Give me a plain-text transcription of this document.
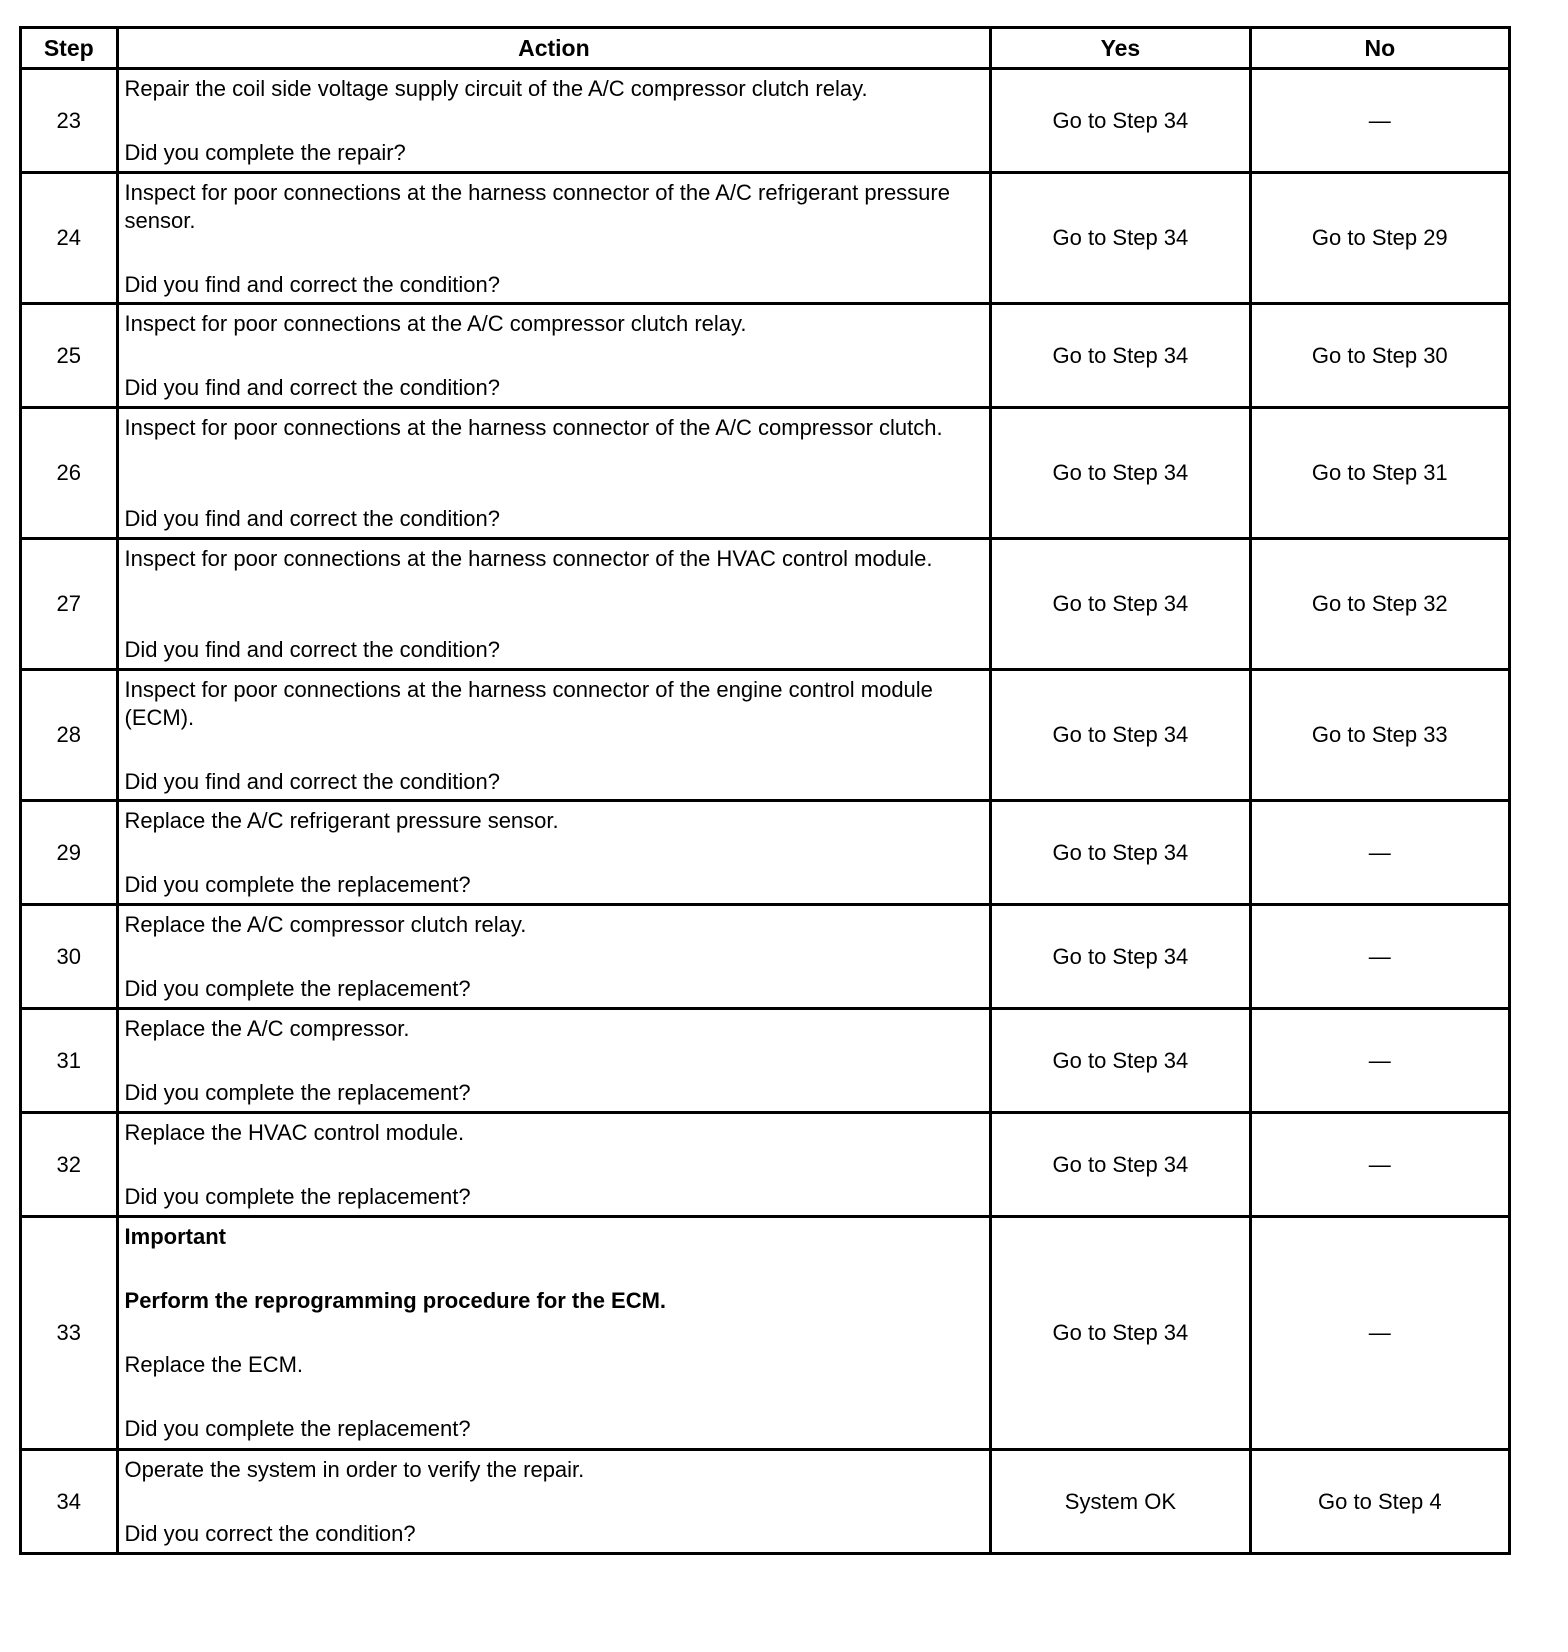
Step	Action	Yes	No
23	Repair the coil side voltage supply circuit of the A/C compressor clutch relay.
Did you complete the repair?	Go to Step 34	—
24	Inspect for poor connections at the harness connector of the A/C refrigerant pressure sensor.
Did you find and correct the condition?	Go to Step 34	Go to Step 29
25	Inspect for poor connections at the A/C compressor clutch relay.
Did you find and correct the condition?	Go to Step 34	Go to Step 30
26	Inspect for poor connections at the harness connector of the A/C compressor clutch.
Did you find and correct the condition?	Go to Step 34	Go to Step 31
27	Inspect for poor connections at the harness connector of the HVAC control module.
Did you find and correct the condition?	Go to Step 34	Go to Step 32
28	Inspect for poor connections at the harness connector of the engine control module (ECM).
Did you find and correct the condition?	Go to Step 34	Go to Step 33
29	Replace the A/C refrigerant pressure sensor.
Did you complete the replacement?	Go to Step 34	—
30	Replace the A/C compressor clutch relay.
Did you complete the replacement?	Go to Step 34	—
31	Replace the A/C compressor.
Did you complete the replacement?	Go to Step 34	—
32	Replace the HVAC control module.
Did you complete the replacement?	Go to Step 34	—
33	Important
Perform the reprogramming procedure for the ECM.
Replace the ECM.
Did you complete the replacement?	Go to Step 34	—
34	Operate the system in order to verify the repair.
Did you correct the condition?	System OK	Go to Step 4
